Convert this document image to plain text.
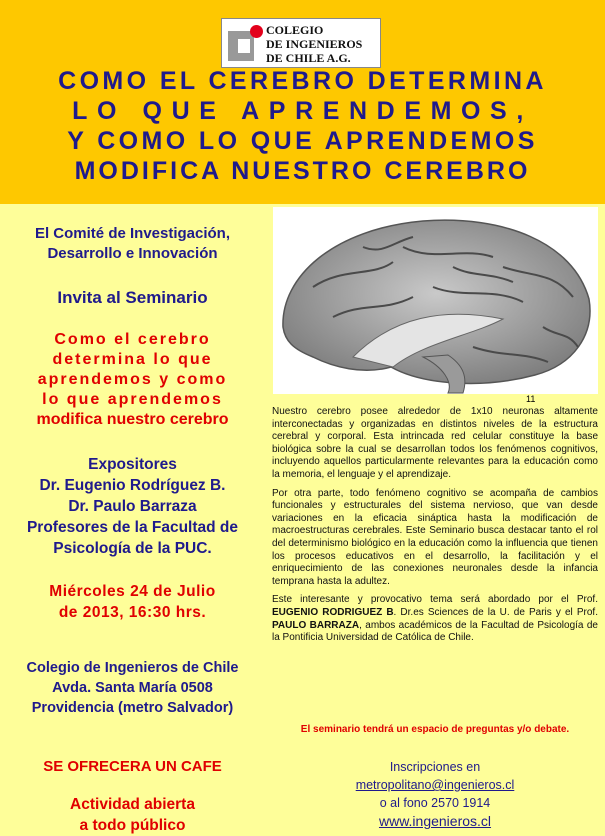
COLEGIO
DE INGENIEROS
DE CHILE A.G.
COMO EL CEREBRO DETERMINA
LO QUE APRENDEMOS,
Y COMO LO QUE APRENDEMOS
MODIFICA NUESTRO CEREBRO
El Comité de Investigación,
Desarrollo e Innovación
Invita al Seminario
Como el cerebro
determina lo que
aprendemos y como
lo que aprendemos
modifica nuestro cerebro
Expositores
Dr. Eugenio Rodríguez B.
Dr. Paulo Barraza
Profesores de la Facultad de
Psicología de la PUC.
Miércoles 24 de Julio
de 2013, 16:30 hrs.
Colegio de Ingenieros de Chile
Avda. Santa María 0508
Providencia (metro Salvador)
SE OFRECERA UN CAFE
Actividad abierta
a todo público
11

Nuestro cerebro posee alrededor de 1x10 neuronas altamente interconectadas y organizadas en distintos niveles de la estructura cerebral y corporal. Esta intrincada red celular constituye la base biológica sobre la cual se desarrollan todos los fenómenos cognitivos, incluyendo aquellos particularmente relevantes para la educación como la memoria, el lenguaje y el aprendizaje.

Por otra parte, todo fenómeno cognitivo se acompaña de cambios funcionales y estructurales del sistema nervioso, que van desde variaciones en la eficacia sináptica hasta la modificación de macroestructuras cerebrales. Este Seminario busca destacar tanto el rol del determinismo biológico en la educación como la influencia que tienen los procesos educativos en el desarrollo, la facilitación y el enriquecimiento de las conexiones neuronales desde la infancia temprana hasta la adultez.

Este interesante y provocativo tema será abordado por el Prof. EUGENIO RODRIGUEZ B. Dr.es Sciences de la U. de Paris y el Prof. PAULO BARRAZA, ambos académicos de la Facultad de Psicología de la Pontificia Universidad de Católica de Chile.

El seminario tendrá un espacio de preguntas y/o debate.
Inscripciones en
metropolitano@ingenieros.cl
o al fono 2570 1914
www.ingenieros.cl
